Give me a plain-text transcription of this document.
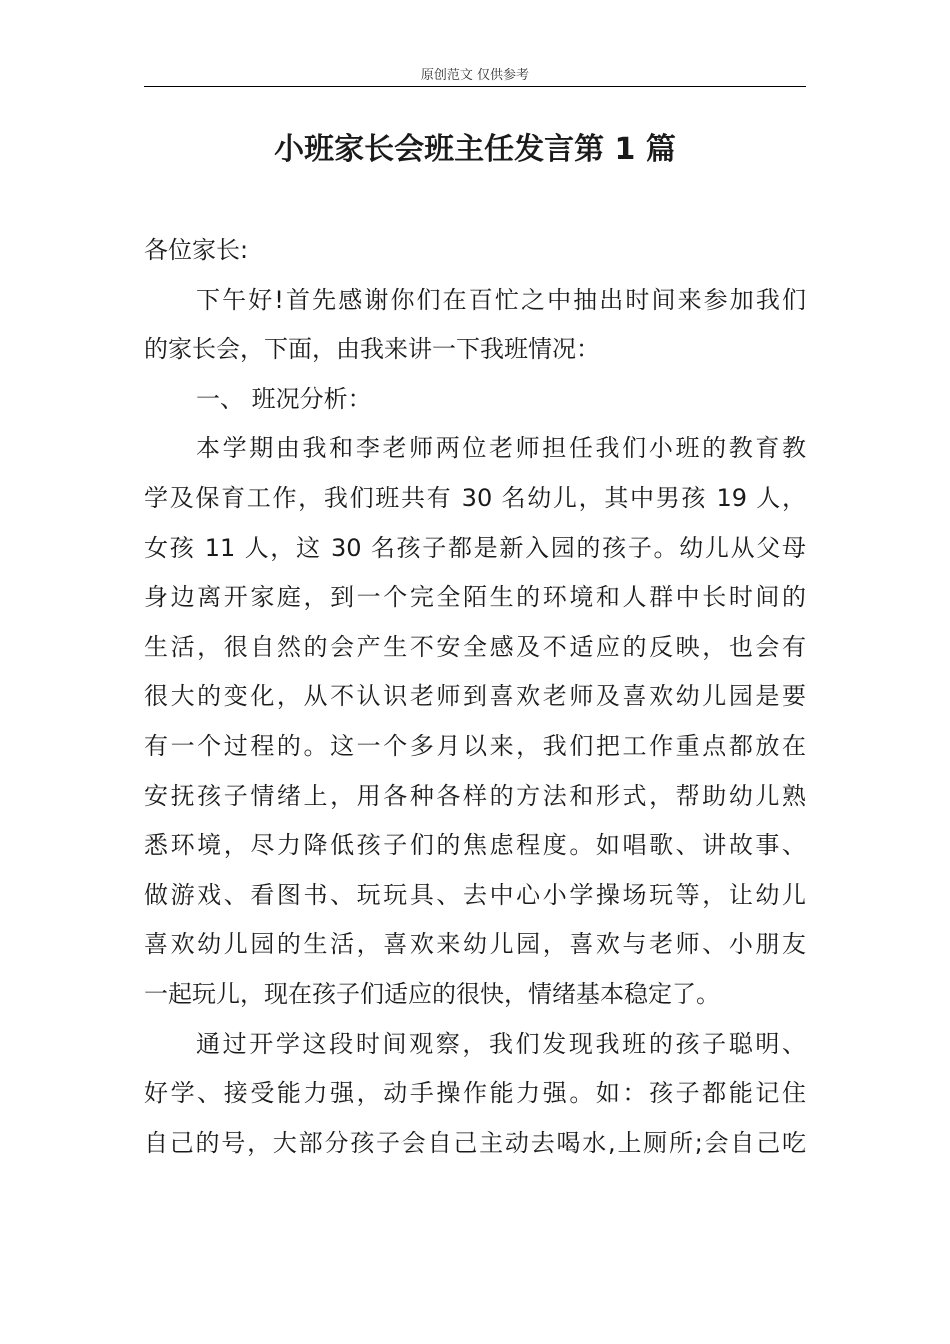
原创范文 仅供参考
小班家长会班主任发言第 1 篇
各位家长:
下午好!首先感谢你们在百忙之中抽出时间来参加我们
的家长会，下面，由我来讲一下我班情况：
一、 班况分析：
本学期由我和李老师两位老师担任我们小班的教育教
学及保育工作，我们班共有 30 名幼儿，其中男孩 19 人，
女孩 11 人，这 30 名孩子都是新入园的孩子。幼儿从父母
身边离开家庭，到一个完全陌生的环境和人群中长时间的
生活，很自然的会产生不安全感及不适应的反映，也会有
很大的变化，从不认识老师到喜欢老师及喜欢幼儿园是要
有一个过程的。这一个多月以来，我们把工作重点都放在
安抚孩子情绪上，用各种各样的方法和形式，帮助幼儿熟
悉环境，尽力降低孩子们的焦虑程度。如唱歌、讲故事、
做游戏、看图书、玩玩具、去中心小学操场玩等，让幼儿
喜欢幼儿园的生活，喜欢来幼儿园，喜欢与老师、小朋友
一起玩儿，现在孩子们适应的很快，情绪基本稳定了。
通过开学这段时间观察，我们发现我班的孩子聪明、
好学、接受能力强，动手操作能力强。如：孩子都能记住
自己的号，大部分孩子会自己主动去喝水,上厕所;会自己吃
